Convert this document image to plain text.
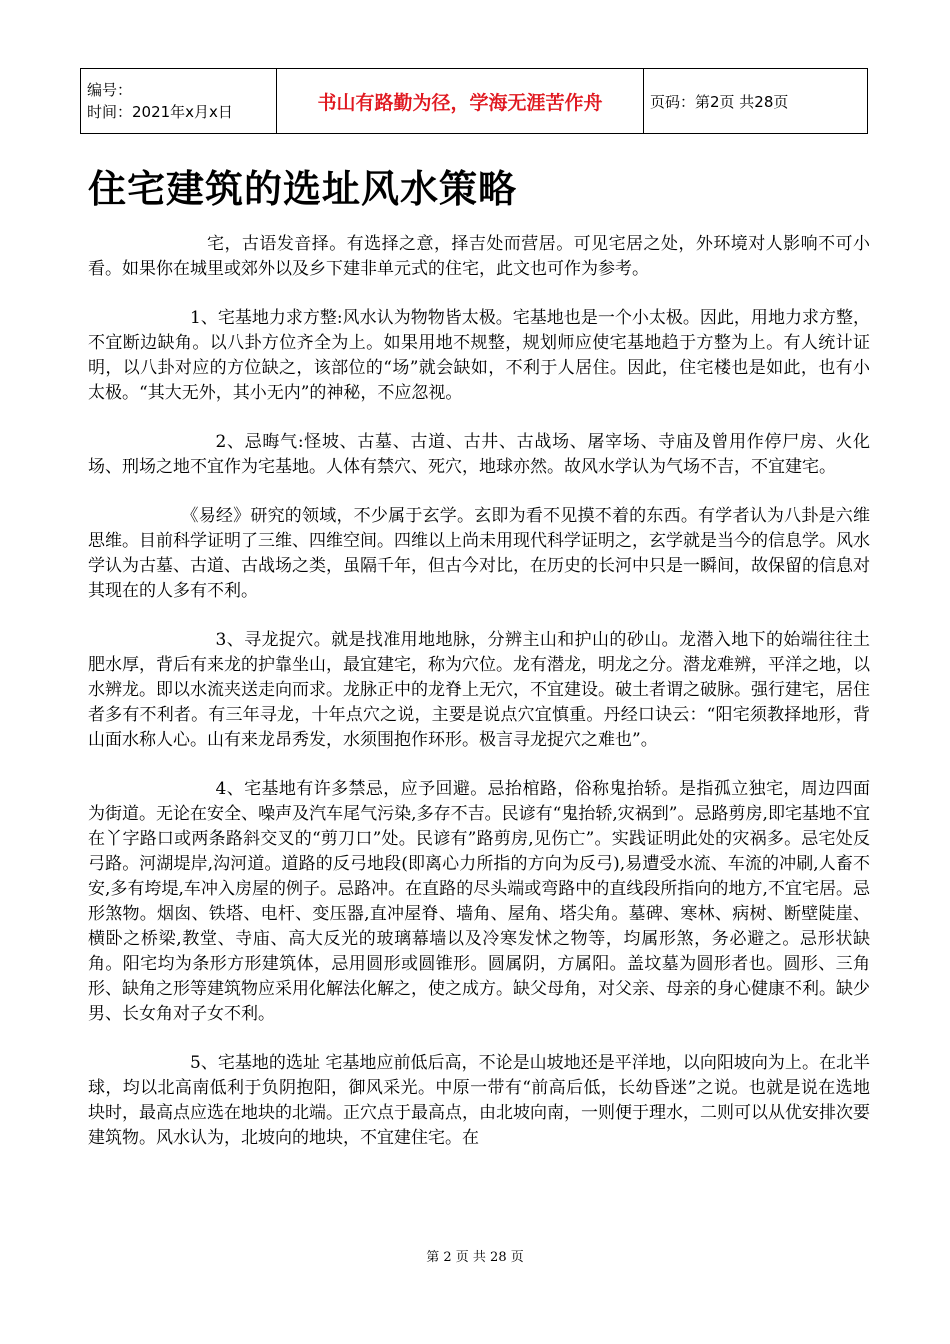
编号：
时间：2021年x月x日	书山有路勤为径，学海无涯苦作舟	页码：第2页 共28页
住宅建筑的选址风水策略

宅，古语发音择。有选择之意，择吉处而营居。可见宅居之处，外环境对人影响不可小看。如果你在城里或郊外以及乡下建非单元式的住宅，此文也可作为参考。

1、宅基地力求方整:风水认为物物皆太极。宅基地也是一个小太极。因此，用地力求方整，不宜断边缺角。以八卦方位齐全为上。如果用地不规整，规划师应使宅基地趋于方整为上。有人统计证明，以八卦对应的方位缺之，该部位的“场”就会缺如，不利于人居住。因此，住宅楼也是如此，也有小太极。“其大无外，其小无内”的神秘，不应忽视。

2、忌晦气:怪坡、古墓、古道、古井、古战场、屠宰场、寺庙及曾用作停尸房、火化场、刑场之地不宜作为宅基地。人体有禁穴、死穴，地球亦然。故风水学认为气场不吉，不宜建宅。

《易经》研究的领域，不少属于玄学。玄即为看不见摸不着的东西。有学者认为八卦是六维思维。目前科学证明了三维、四维空间。四维以上尚未用现代科学证明之，玄学就是当今的信息学。风水学认为古墓、古道、古战场之类，虽隔千年，但古今对比，在历史的长河中只是一瞬间，故保留的信息对其现在的人多有不利。

3、寻龙捉穴。就是找准用地地脉，分辨主山和护山的砂山。龙潜入地下的始端往往土肥水厚，背后有来龙的护靠坐山，最宜建宅，称为穴位。龙有潜龙，明龙之分。潜龙难辨，平洋之地，以水辨龙。即以水流夹送走向而求。龙脉正中的龙脊上无穴，不宜建设。破土者谓之破脉。强行建宅，居住者多有不利者。有三年寻龙，十年点穴之说，主要是说点穴宜慎重。丹经口诀云：“阳宅须教择地形，背山面水称人心。山有来龙昂秀发，水须围抱作环形。极言寻龙捉穴之难也”。

4、宅基地有许多禁忌，应予回避。忌抬棺路，俗称鬼抬轿。是指孤立独宅，周边四面为街道。无论在安全、噪声及汽车尾气污染,多存不吉。民谚有“鬼抬轿,灾祸到”。忌路剪房,即宅基地不宜在丫字路口或两条路斜交叉的“剪刀口”处。民谚有”路剪房,见伤亡”。实践证明此处的灾祸多。忌宅处反弓路。河湖堤岸,沟河道。道路的反弓地段(即离心力所指的方向为反弓),易遭受水流、车流的冲刷,人畜不安,多有垮堤,车冲入房屋的例子。忌路冲。在直路的尽头端或弯路中的直线段所指向的地方,不宜宅居。忌形煞物。烟囱、铁塔、电杆、变压器,直冲屋脊、墙角、屋角、塔尖角。墓碑、寒林、病树、断壁陡崖、横卧之桥梁,教堂、寺庙、高大反光的玻璃幕墙以及冷寒发怵之物等，均属形煞，务必避之。忌形状缺角。阳宅均为条形方形建筑体，忌用圆形或圆锥形。圆属阴，方属阳。盖坟墓为圆形者也。圆形、三角形、缺角之形等建筑物应采用化解法化解之，使之成方。缺父母角，对父亲、母亲的身心健康不利。缺少男、长女角对子女不利。

5、宅基地的选址 宅基地应前低后高，不论是山坡地还是平洋地，以向阳坡向为上。在北半球，均以北高南低利于负阴抱阳，御风采光。中原一带有“前高后低，长幼昏迷”之说。也就是说在选地块时，最高点应选在地块的北端。正穴点于最高点，由北坡向南，一则便于理水，二则可以从优安排次要建筑物。风水认为，北坡向的地块，不宜建住宅。在

第 2 页 共 28 页
